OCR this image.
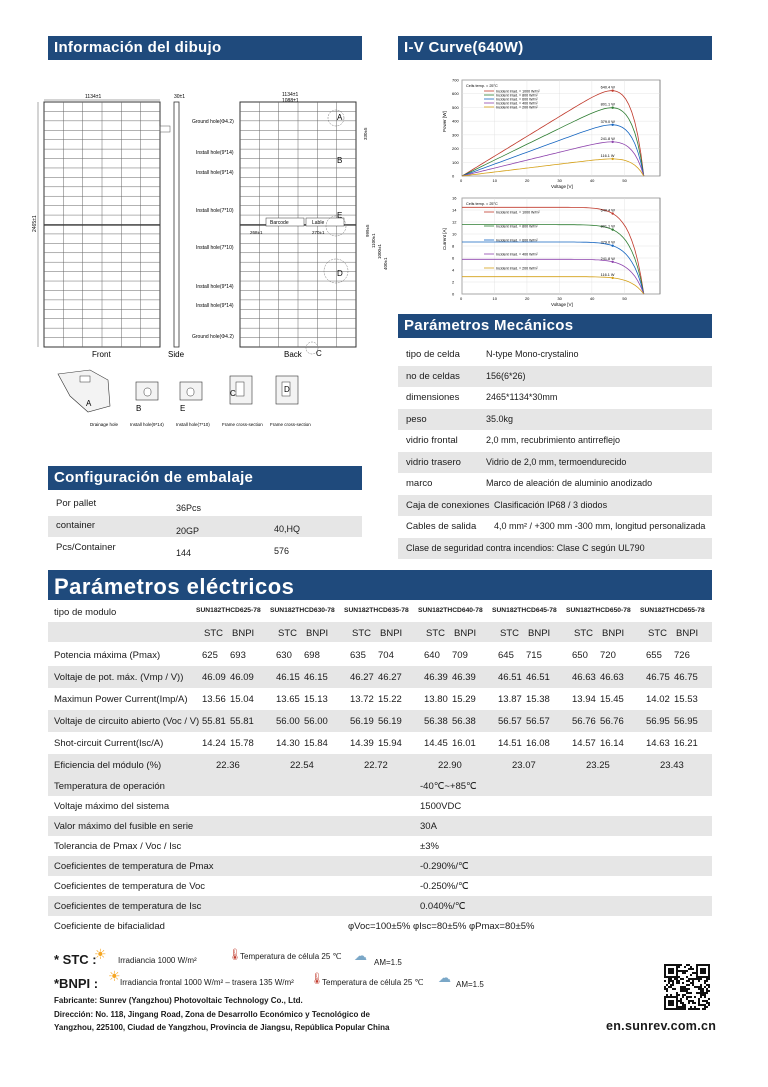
Información del dibujo	I-V Curve(640W)
1134±1
2465±1
Front
30±1
Side
1134±1
1088±1
Barcode	Lable
268±1	270±1
330±5
999±5
1100±1
1000±1
400±1
A
B
E
D
C
Back
Ground hole(Φ4.2)
Install hole(9*14)
Install hole(9*14)
Install hole(7*10)
Install hole(7*10)
Install hole(9*14)
Install hole(9*14)
Ground hole(Φ4.2)
A
B	E
C	D
Drainage hole	Install hole(9*14)	Install hole(7*10)	Frame cross-section Frame cross-section
0	10	20	30	40	50
0
100
200
300
400
500
600
700
Voltage [V]
Power [W]
640.4 W
801.1 W
379.0 W
241.8 W
116.1 W
Cells temp. = 25°C
Incident Irrad. = 1000 W/m²
Incident Irrad. = 800 W/m²
Incident Irrad. = 600 W/m²
Incident Irrad. = 400 W/m²
Incident Irrad. = 200 W/m²
0	10	20	30	40	50
0
2
4
6
8
10
12
14
16
Voltage [V]
Current [A]
640.4 W
801.1 W
379.0 W
241.8 W
116.1 W
Cells temp. = 25°C
Incident Irrad. = 1000 W/m²
Incident Irrad. = 800 W/m²
Incident Irrad. = 600 W/m²
Incident Irrad. = 400 W/m²
Incident Irrad. = 200 W/m²
Parámetros Mecánicos
tipo de celda	N-type Mono-crystalino
no de celdas	156(6*26)
dimensiones	2465*1134*30mm
peso	35.0kg
vidrio frontal	2,0 mm, recubrimiento antirreflejo
vidrio trasero	Vidrio de 2,0 mm, termoendurecido
marco	Marco de aleación de aluminio anodizado
Caja de conexiones Clasificación IP68 / 3 diodos
Cables de salida 4,0 mm² / +300 mm -300 mm, longitud personalizada
Clase de seguridad contra incendios: Clase C según UL790
Configuración de embalaje
Por pallet	36Pcs
container	20GP	40,HQ
Pcs/Container	144	576
Parámetros eléctricos
tipo de modulo	SUN182THCD625-78 SUN182THCD630-78 SUN182THCD635-78 SUN182THCD640-78 SUN182THCD645-78 SUN182THCD650-78 SUN182THCD655-78
STC BNPI	STC BNPI	STC BNPI	STC BNPI	STC BNPI	STC BNPI	STC BNPI
Potencia máxima (Pmax)	625 693	630 698	635 704	640 709	645 715	650 720	655 726
Voltaje de pot. máx. (Vmp / V)) 46.09 46.09 46.15 46.15 46.27 46.27 46.39 46.39 46.51 46.51 46.63 46.63 46.75 46.75
Maximun Power Current(Imp/A) 13.56 15.04 13.65 15.13 13.72 15.22 13.80 15.29 13.87 15.38 13.94 15.45 14.02 15.53
Voltaje de circuito abierto (Voc / V) 55.81 55.81 56.00 56.00 56.19 56.19 56.38 56.38 56.57 56.57 56.76 56.76 56.95 56.95
Shot-circuit Current(Isc/A)	14.24 15.78 14.30 15.84 14.39 15.94 14.45 16.01 14.51 16.08 14.57 16.14 14.63 16.21
Eficiencia del módulo (%)	22.36	22.54	22.72	22.90	23.07	23.25	23.43
Temperatura de operación	-40℃~+85℃
Voltaje máximo del sistema	1500VDC
Valor máximo del fusible en serie	30A
Tolerancia de Pmax / Voc / Isc	±3%
Coeficientes de temperatura de Pmax	-0.290%/℃
Coeficientes de temperatura de Voc	-0.250%/℃
Coeficientes de temperatura de Isc	0.040%/℃
Coeficiente de bifacialidad	φVoc=100±5% φIsc=80±5% φPmax=80±5%
* STC :
☀ Irradiancia 1000 W/m²	🌡
Temperatura de célula 25 ℃ ☁ AM=1.5
*BNPI : ☀ Irradiancia frontal 1000 W/m² – trasera 135 W/m² 🌡
Temperatura de célula 25 ℃ ☁ AM=1.5
Fabricante: Sunrev (Yangzhou) Photovoltaic Technology Co., Ltd.
Dirección: No. 118, Jingang Road, Zona de Desarrollo Económico y Tecnológico de
Yangzhou, 225100, Ciudad de Yangzhou, Provincia de Jiangsu, República Popular China	en.sunrev.com.cn
